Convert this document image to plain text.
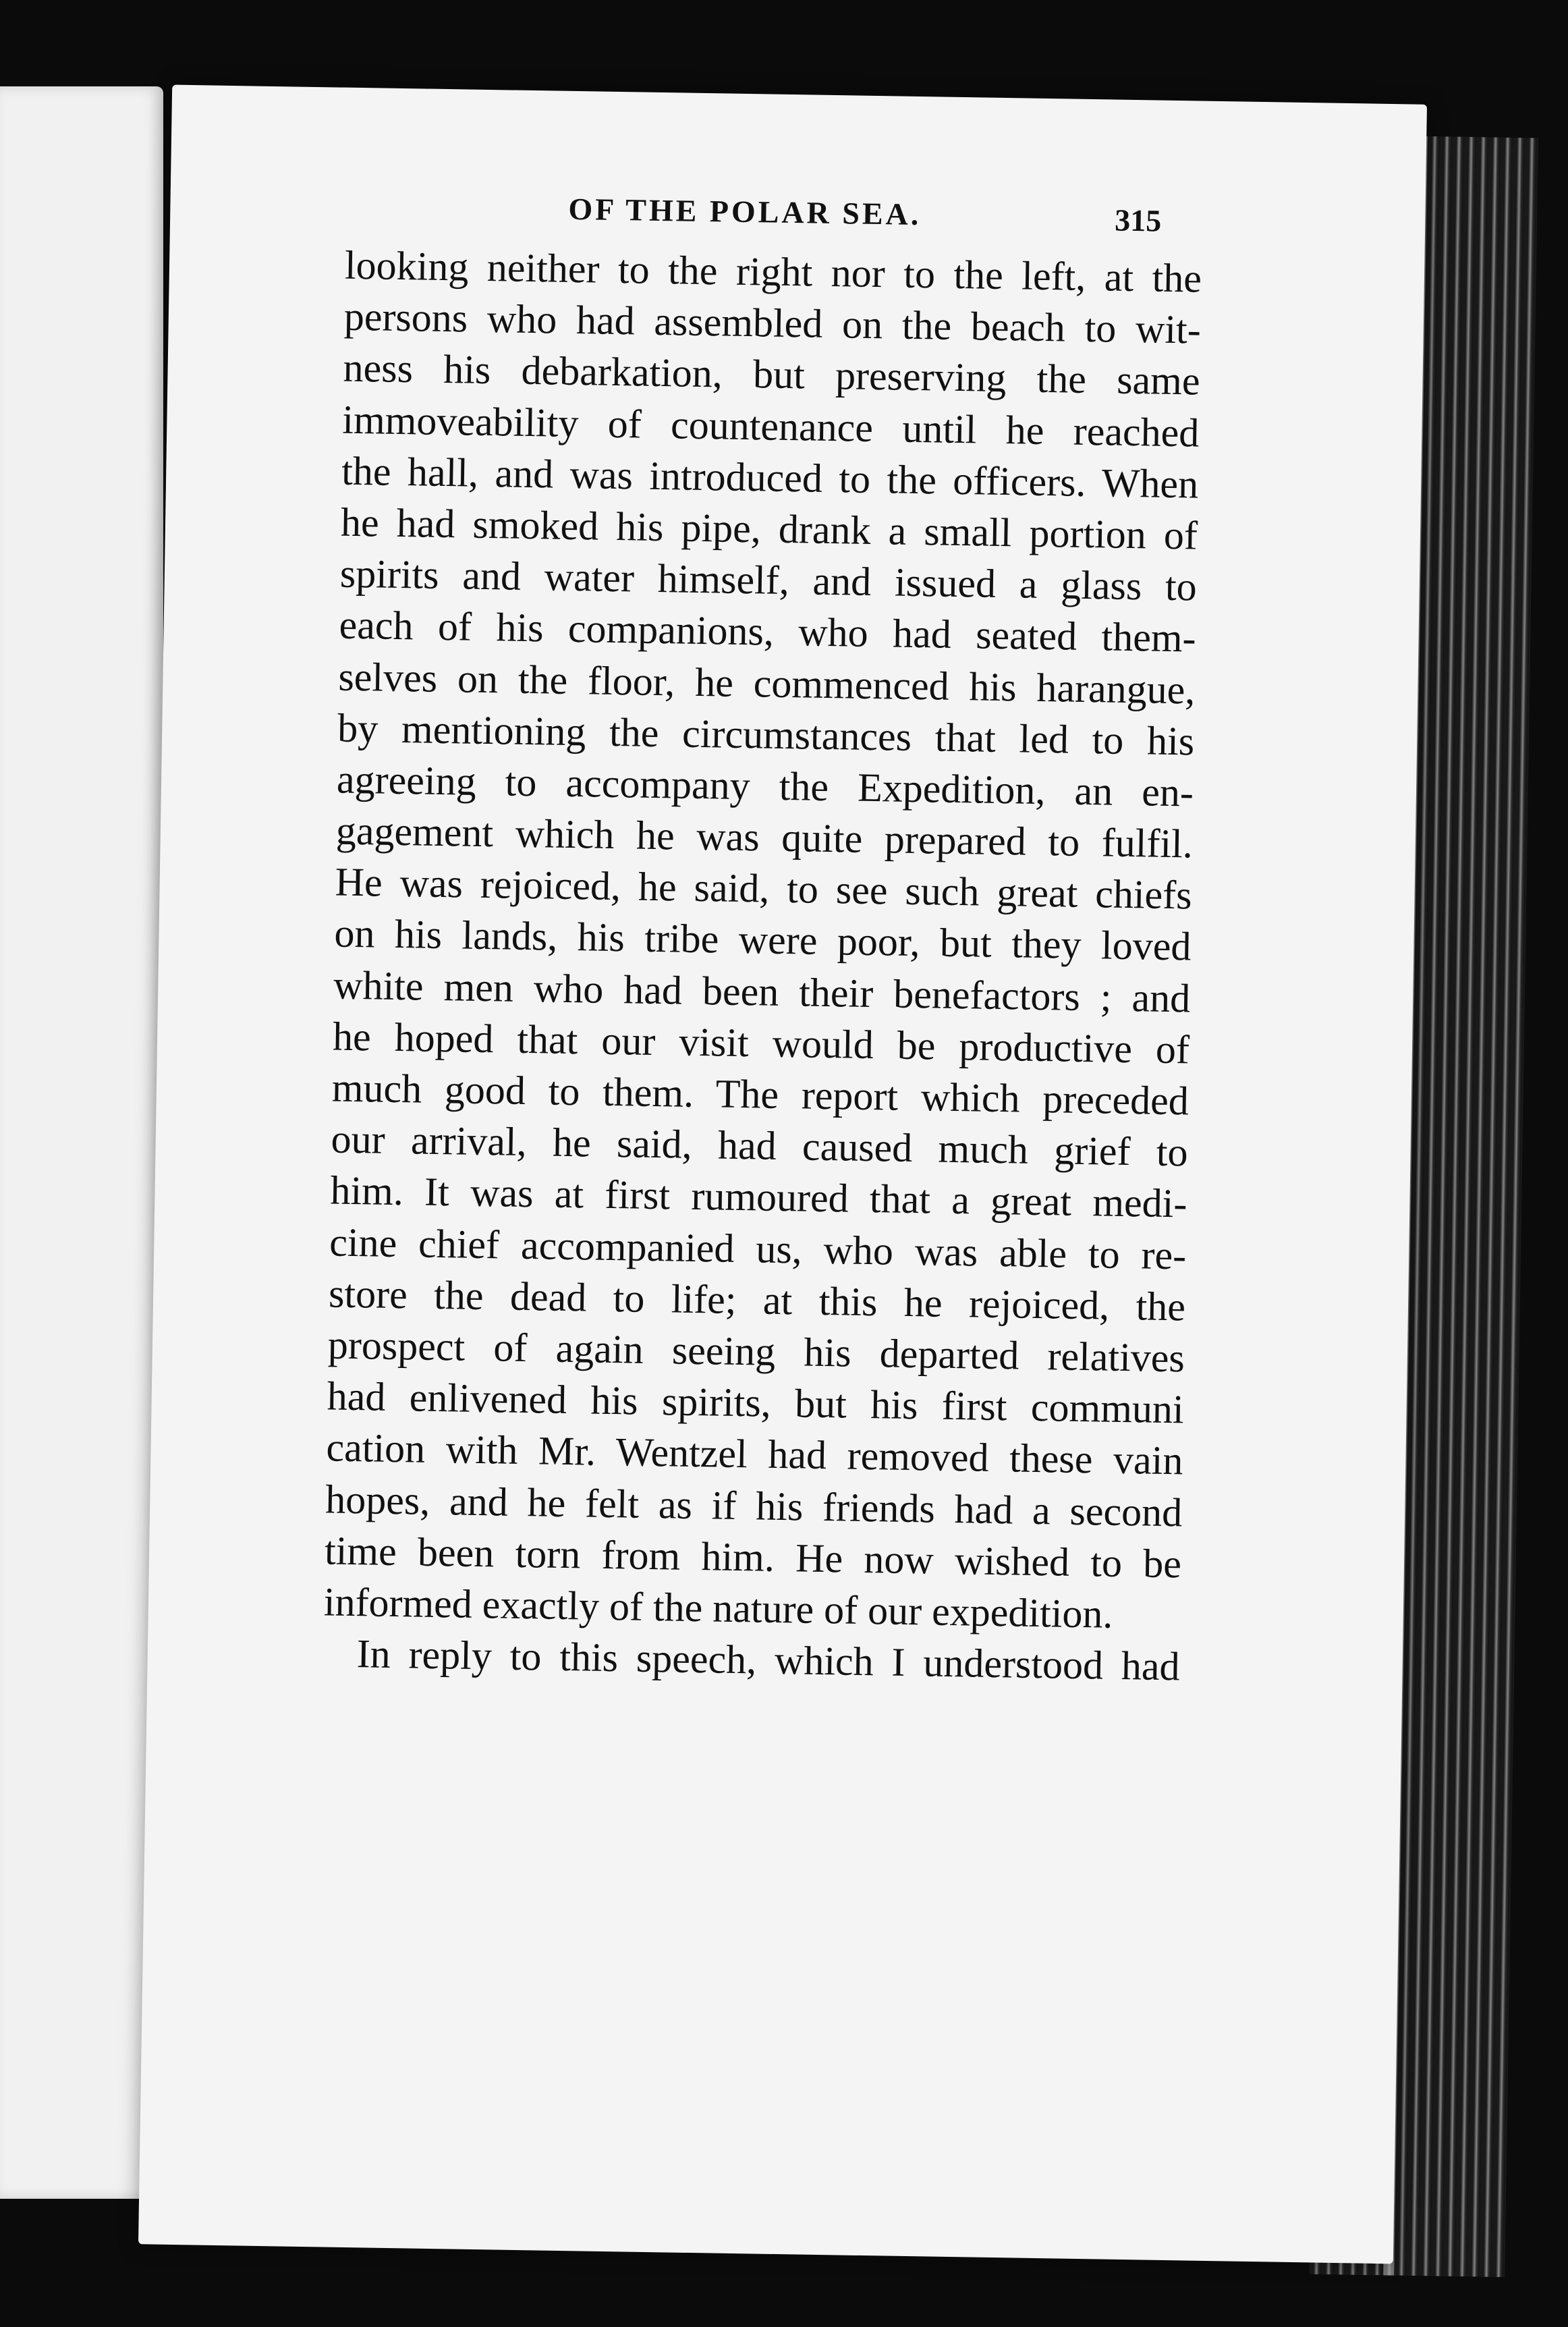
OF THE POLAR SEA.	315
looking neither to the right nor to the left, at the
persons who had assembled on the beach to wit-
ness his debarkation, but preserving the same
immoveability of countenance until he reached
the hall, and was introduced to the officers. When
he had smoked his pipe, drank a small portion of
spirits and water himself, and issued a glass to
each of his companions, who had seated them-
selves on the floor, he commenced his harangue,
by mentioning the circumstances that led to his
agreeing to accompany the Expedition, an en-
gagement which he was quite prepared to fulfil.
He was rejoiced, he said, to see such great chiefs
on his lands, his tribe were poor, but they loved
white men who had been their benefactors ; and
he hoped that our visit would be productive of
much good to them. The report which preceded
our arrival, he said, had caused much grief to
him. It was at first rumoured that a great medi-
cine chief accompanied us, who was able to re-
store the dead to life; at this he rejoiced, the
prospect of again seeing his departed relatives
had enlivened his spirits, but his first communi
cation with Mr. Wentzel had removed these vain
hopes, and he felt as if his friends had a second
time been torn from him. He now wished to be
informed exactly of the nature of our expedition.
In reply to this speech, which I understood had
